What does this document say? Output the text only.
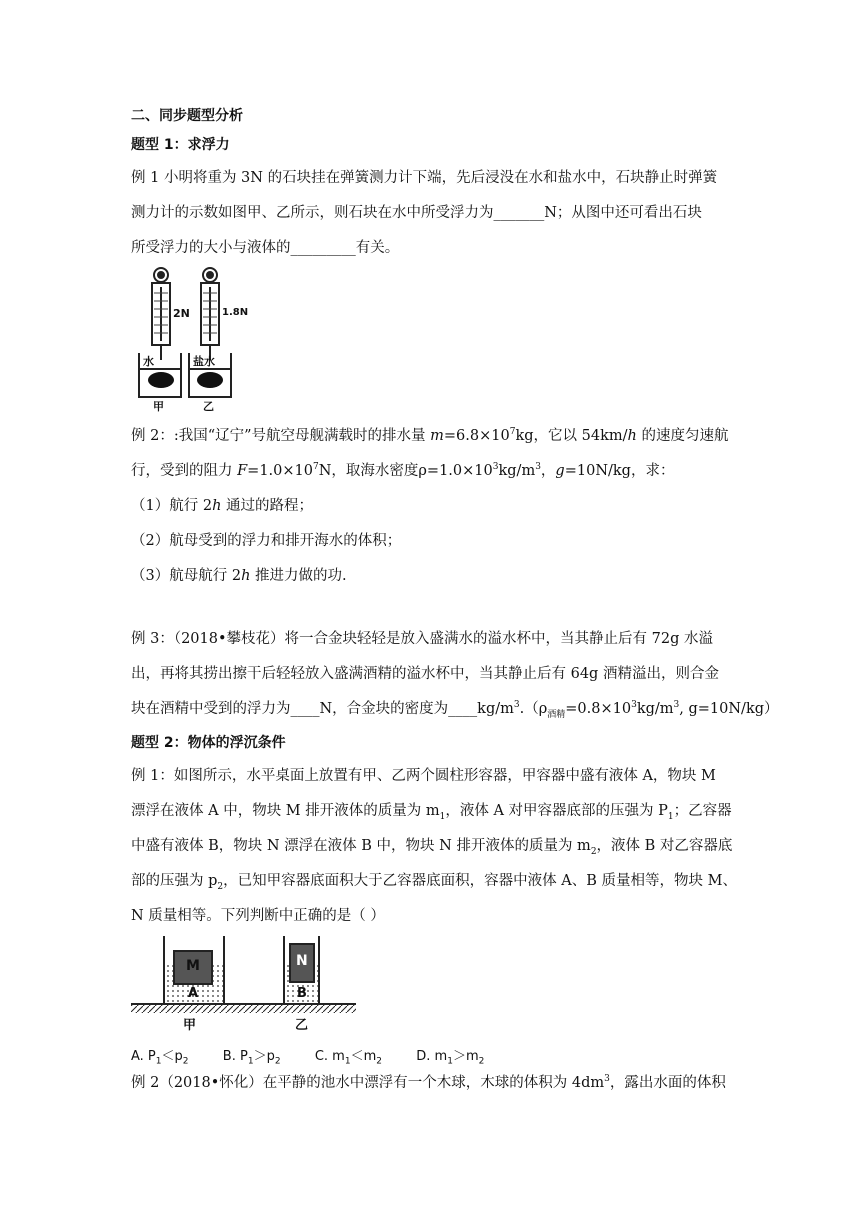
二、同步题型分析
题型 1：求浮力
例 1 小明将重为 3N 的石块挂在弹簧测力计下端，先后浸没在水和盐水中，石块静止时弹簧
测力计的示数如图甲、乙所示，则石块在水中所受浮力为_______N；从图中还可看出石块
所受浮力的大小与液体的_________有关。
2N	1.8N
水	盐水
甲	乙
例 2：:我国“辽宁”号航空母舰满载时的排水量 $m=6.8\times 10^7kg$，它以 54km/h 的速度匀速航
行，受到的阻力 $F=1.0\times 10^7N$，取海水密度$\rho=1.0\times 10^3kg/m^3$，g=10N/kg，求：
（1）航行 2h 通过的路程；
（2）航母受到的浮力和排开海水的体积；
（3）航母航行 2h 推进力做的功.
例 3：（2018•攀枝花）将一合金块轻轻是放入盛满水的溢水杯中，当其静止后有 72g 水溢
出，再将其捞出擦干后轻轻放入盛满酒精的溢水杯中，当其静止后有 64g 酒精溢出，则合金
块在酒精中受到的浮力为____N，合金块的密度为$\_\_\_\_kg/m^3.(\rho_{酒精}=0.8\times 10^3kg/m^3$, g=10N/kg）
题型 2：物体的浮沉条件
例 1：如图所示，水平桌面上放置有甲、乙两个圆柱形容器，甲容器中盛有液体 A，物块 M
漂浮在液体 A 中，物块 M 排开液体的质量为 $m_1$，液体 A 对甲容器底部的压强为 $P_1$；乙容器
中盛有液体 B，物块 N 漂浮在液体 B 中，物块 N 排开液体的质量为 $m_2$，液体 B 对乙容器底
部的压强为 $p_2$，已知甲容器底面积大于乙容器底面积，容器中液体 A、B 质量相等，物块 M、
N 质量相等。下列判断中正确的是（ ）
M	N
A	B
甲	乙
A. $P_1<p_2$	B. $P_1>p_2$	C. $m_1<m_2$	D. $m_1>m_2$
例 2（2018•怀化）在平静的池水中漂浮有一个木球，木球的体积为 $4dm^3$，露出水面的体积
